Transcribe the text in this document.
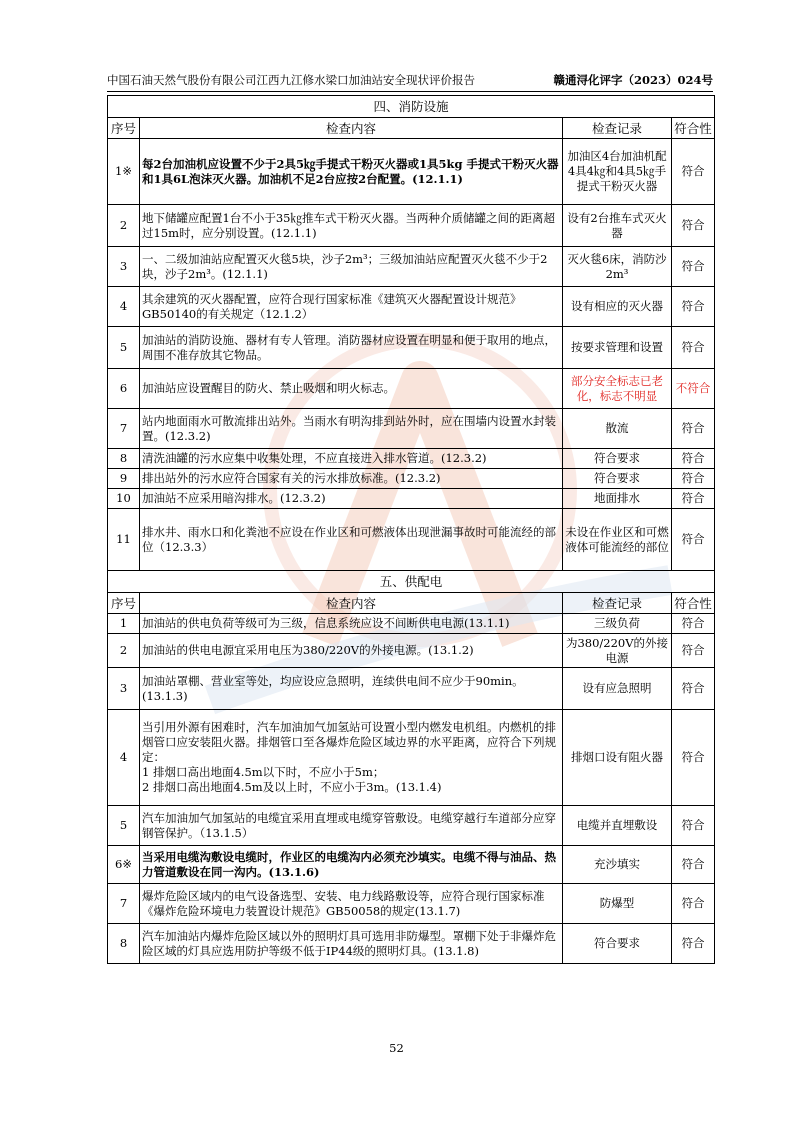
中国石油天然气股份有限公司江西九江修水梁口加油站安全现状评价报告	赣通浔化评字（2023）024号
四、消防设施			
序号	检查内容	检查记录	符合性
1※	每2台加油机应设置不少于2具5㎏手提式干粉灭火器或1具5kg 手提式干粉灭火器和1具6L泡沫灭火器。加油机不足2台应按2台配置。(12.1.1)	加油区4台加油机配4具4㎏和4具5㎏手提式干粉灭火器	符合
2	地下储罐应配置1台不小于35㎏推车式干粉灭火器。当两种介质储罐之间的距离超过15m时，应分别设置。(12.1.1)	设有2台推车式灭火器	符合
3	一、二级加油站应配置灭火毯5块，沙子2m³；三级加油站应配置灭火毯不少于2块，沙子2m³。(12.1.1)	灭火毯6床，消防沙2m³	符合
4	其余建筑的灭火器配置，应符合现行国家标准《建筑灭火器配置设计规范》GB50140的有关规定（12.1.2）	设有相应的灭火器	符合
5	加油站的消防设施、器材有专人管理。消防器材应设置在明显和便于取用的地点，周围不准存放其它物品。	按要求管理和设置	符合
6	加油站应设置醒目的防火、禁止吸烟和明火标志。	部分安全标志已老化，标志不明显	不符合
7	站内地面雨水可散流排出站外。当雨水有明沟排到站外时，应在围墙内设置水封装置。(12.3.2)	散流	符合
8	清洗油罐的污水应集中收集处理，不应直接进入排水管道。(12.3.2)	符合要求	符合
9	排出站外的污水应符合国家有关的污水排放标准。(12.3.2)	符合要求	符合
10	加油站不应采用暗沟排水。(12.3.2)	地面排水	符合
11	排水井、雨水口和化粪池不应设在作业区和可燃液体出现泄漏事故时可能流经的部位（12.3.3）	未设在作业区和可燃液体可能流经的部位	符合
五、供配电			
序号	检查内容	检查记录	符合性
1	加油站的供电负荷等级可为三级，信息系统应设不间断供电电源(13.1.1)	三级负荷	符合
2	加油站的供电电源宜采用电压为380/220V的外接电源。(13.1.2)	为380/220V的外接电源	符合
3	加油站罩棚、营业室等处，均应设应急照明，连续供电间不应少于90min。(13.1.3)	设有应急照明	符合
4	当引用外源有困难时，汽车加油加气加氢站可设置小型内燃发电机组。内燃机的排烟管口应安装阻火器。排烟管口至各爆炸危险区域边界的水平距离，应符合下列规定：
1 排烟口高出地面4.5m以下时，不应小于5m；
2 排烟口高出地面4.5m及以上时，不应小于3m。(13.1.4)	排烟口设有阻火器	符合
5	汽车加油加气加氢站的电缆宜采用直埋或电缆穿管敷设。电缆穿越行车道部分应穿钢管保护。（13.1.5）	电缆并直埋敷设	符合
6※	当采用电缆沟敷设电缆时，作业区的电缆沟内必须充沙填实。电缆不得与油品、热力管道敷设在同一沟内。(13.1.6)	充沙填实	符合
7	爆炸危险区域内的电气设备选型、安装、电力线路敷设等，应符合现行国家标准《爆炸危险环境电力装置设计规范》GB50058的规定(13.1.7)	防爆型	符合
8	汽车加油站内爆炸危险区域以外的照明灯具可选用非防爆型。罩棚下处于非爆炸危险区域的灯具应选用防护等级不低于IP44级的照明灯具。(13.1.8)	符合要求	符合
52
